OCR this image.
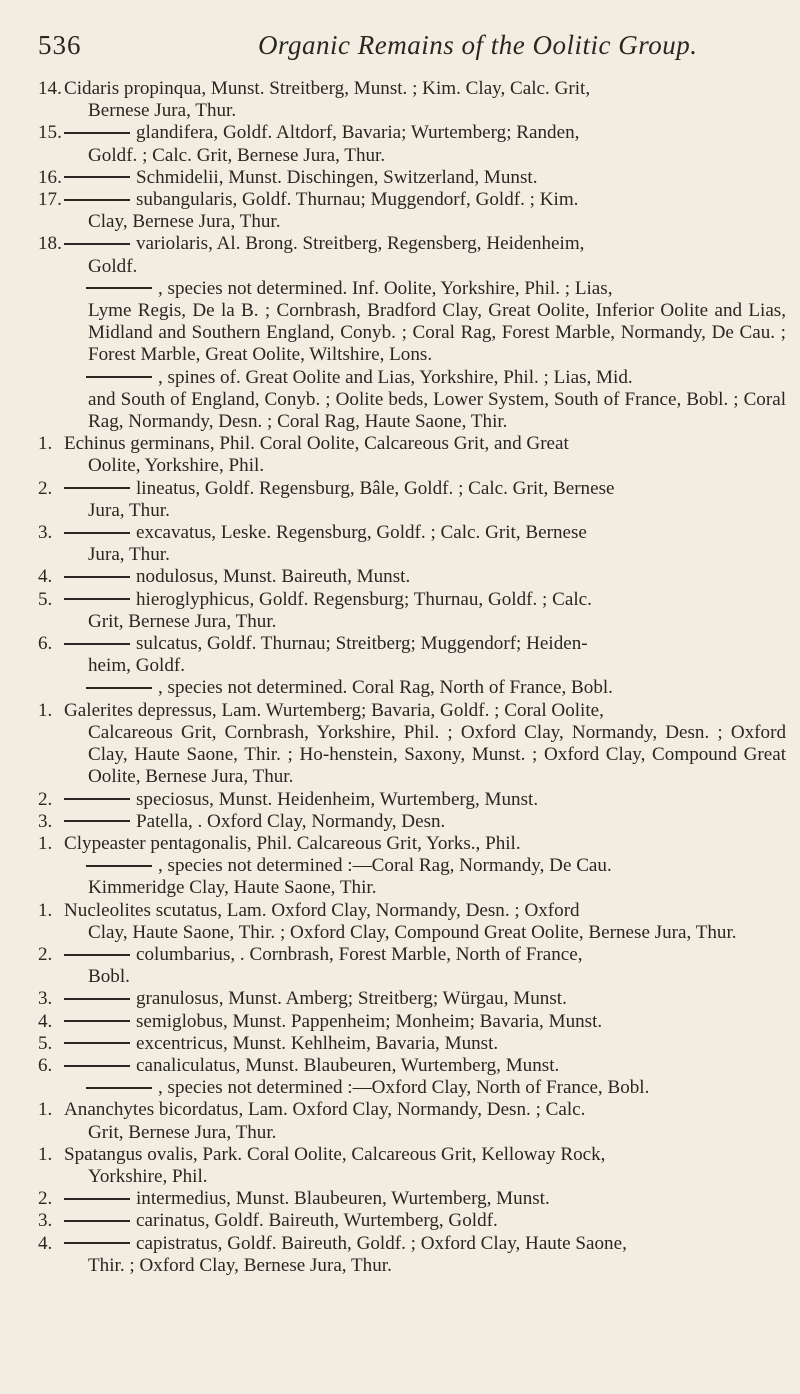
536	Organic Remains of the Oolitic Group.
14. Cidaris propinqua, Munst. Streitberg, Munst. ; Kim. Clay, Calc. Grit,
Bernese Jura, Thur.
15.	glandifera, Goldf. Altdorf, Bavaria; Wurtemberg; Randen,
Goldf. ; Calc. Grit, Bernese Jura, Thur.
16.	Schmidelii, Munst. Dischingen, Switzerland, Munst.
17.	subangularis, Goldf. Thurnau; Muggendorf, Goldf. ; Kim.
Clay, Bernese Jura, Thur.
18.	variolaris, Al. Brong. Streitberg, Regensberg, Heidenheim,
Goldf.
, species not determined. Inf. Oolite, Yorkshire, Phil. ; Lias,
Lyme Regis, De la B. ; Cornbrash, Bradford Clay, Great Oolite, Inferior Oolite and Lias, Midland and Southern England, Conyb. ; Coral Rag, Forest Marble, Normandy, De Cau. ; Forest Marble, Great Oolite, Wiltshire, Lons.
, spines of. Great Oolite and Lias, Yorkshire, Phil. ; Lias, Mid.
and South of England, Conyb. ; Oolite beds, Lower System, South of France, Bobl. ; Coral Rag, Normandy, Desn. ; Coral Rag, Haute Saone, Thir.
1. Echinus germinans, Phil. Coral Oolite, Calcareous Grit, and Great
Oolite, Yorkshire, Phil.
2.	lineatus, Goldf. Regensburg, Bâle, Goldf. ; Calc. Grit, Bernese
Jura, Thur.
3.	excavatus, Leske. Regensburg, Goldf. ; Calc. Grit, Bernese
Jura, Thur.
4.	nodulosus, Munst. Baireuth, Munst.
5.	hieroglyphicus, Goldf. Regensburg; Thurnau, Goldf. ; Calc.
Grit, Bernese Jura, Thur.
6.	sulcatus, Goldf. Thurnau; Streitberg; Muggendorf; Heiden-
heim, Goldf.
, species not determined. Coral Rag, North of France, Bobl.
1. Galerites depressus, Lam. Wurtemberg; Bavaria, Goldf. ; Coral Oolite,
Calcareous Grit, Cornbrash, Yorkshire, Phil. ; Oxford Clay, Normandy, Desn. ; Oxford Clay, Haute Saone, Thir. ; Ho-henstein, Saxony, Munst. ; Oxford Clay, Compound Great Oolite, Bernese Jura, Thur.
2.	speciosus, Munst. Heidenheim, Wurtemberg, Munst.
3.	Patella, . Oxford Clay, Normandy, Desn.
1. Clypeaster pentagonalis, Phil. Calcareous Grit, Yorks., Phil.
, species not determined :—Coral Rag, Normandy, De Cau.
Kimmeridge Clay, Haute Saone, Thir.
1. Nucleolites scutatus, Lam. Oxford Clay, Normandy, Desn. ; Oxford
Clay, Haute Saone, Thir. ; Oxford Clay, Compound Great Oolite, Bernese Jura, Thur.
2.	columbarius, . Cornbrash, Forest Marble, North of France,
Bobl.
3.	granulosus, Munst. Amberg; Streitberg; Würgau, Munst.
4.	semiglobus, Munst. Pappenheim; Monheim; Bavaria, Munst.
5.	excentricus, Munst. Kehlheim, Bavaria, Munst.
6.	canaliculatus, Munst. Blaubeuren, Wurtemberg, Munst.
, species not determined :—Oxford Clay, North of France, Bobl.
1. Ananchytes bicordatus, Lam. Oxford Clay, Normandy, Desn. ; Calc.
Grit, Bernese Jura, Thur.
1. Spatangus ovalis, Park. Coral Oolite, Calcareous Grit, Kelloway Rock,
Yorkshire, Phil.
2.	intermedius, Munst. Blaubeuren, Wurtemberg, Munst.
3.	carinatus, Goldf. Baireuth, Wurtemberg, Goldf.
4.	capistratus, Goldf. Baireuth, Goldf. ; Oxford Clay, Haute Saone,
Thir. ; Oxford Clay, Bernese Jura, Thur.
